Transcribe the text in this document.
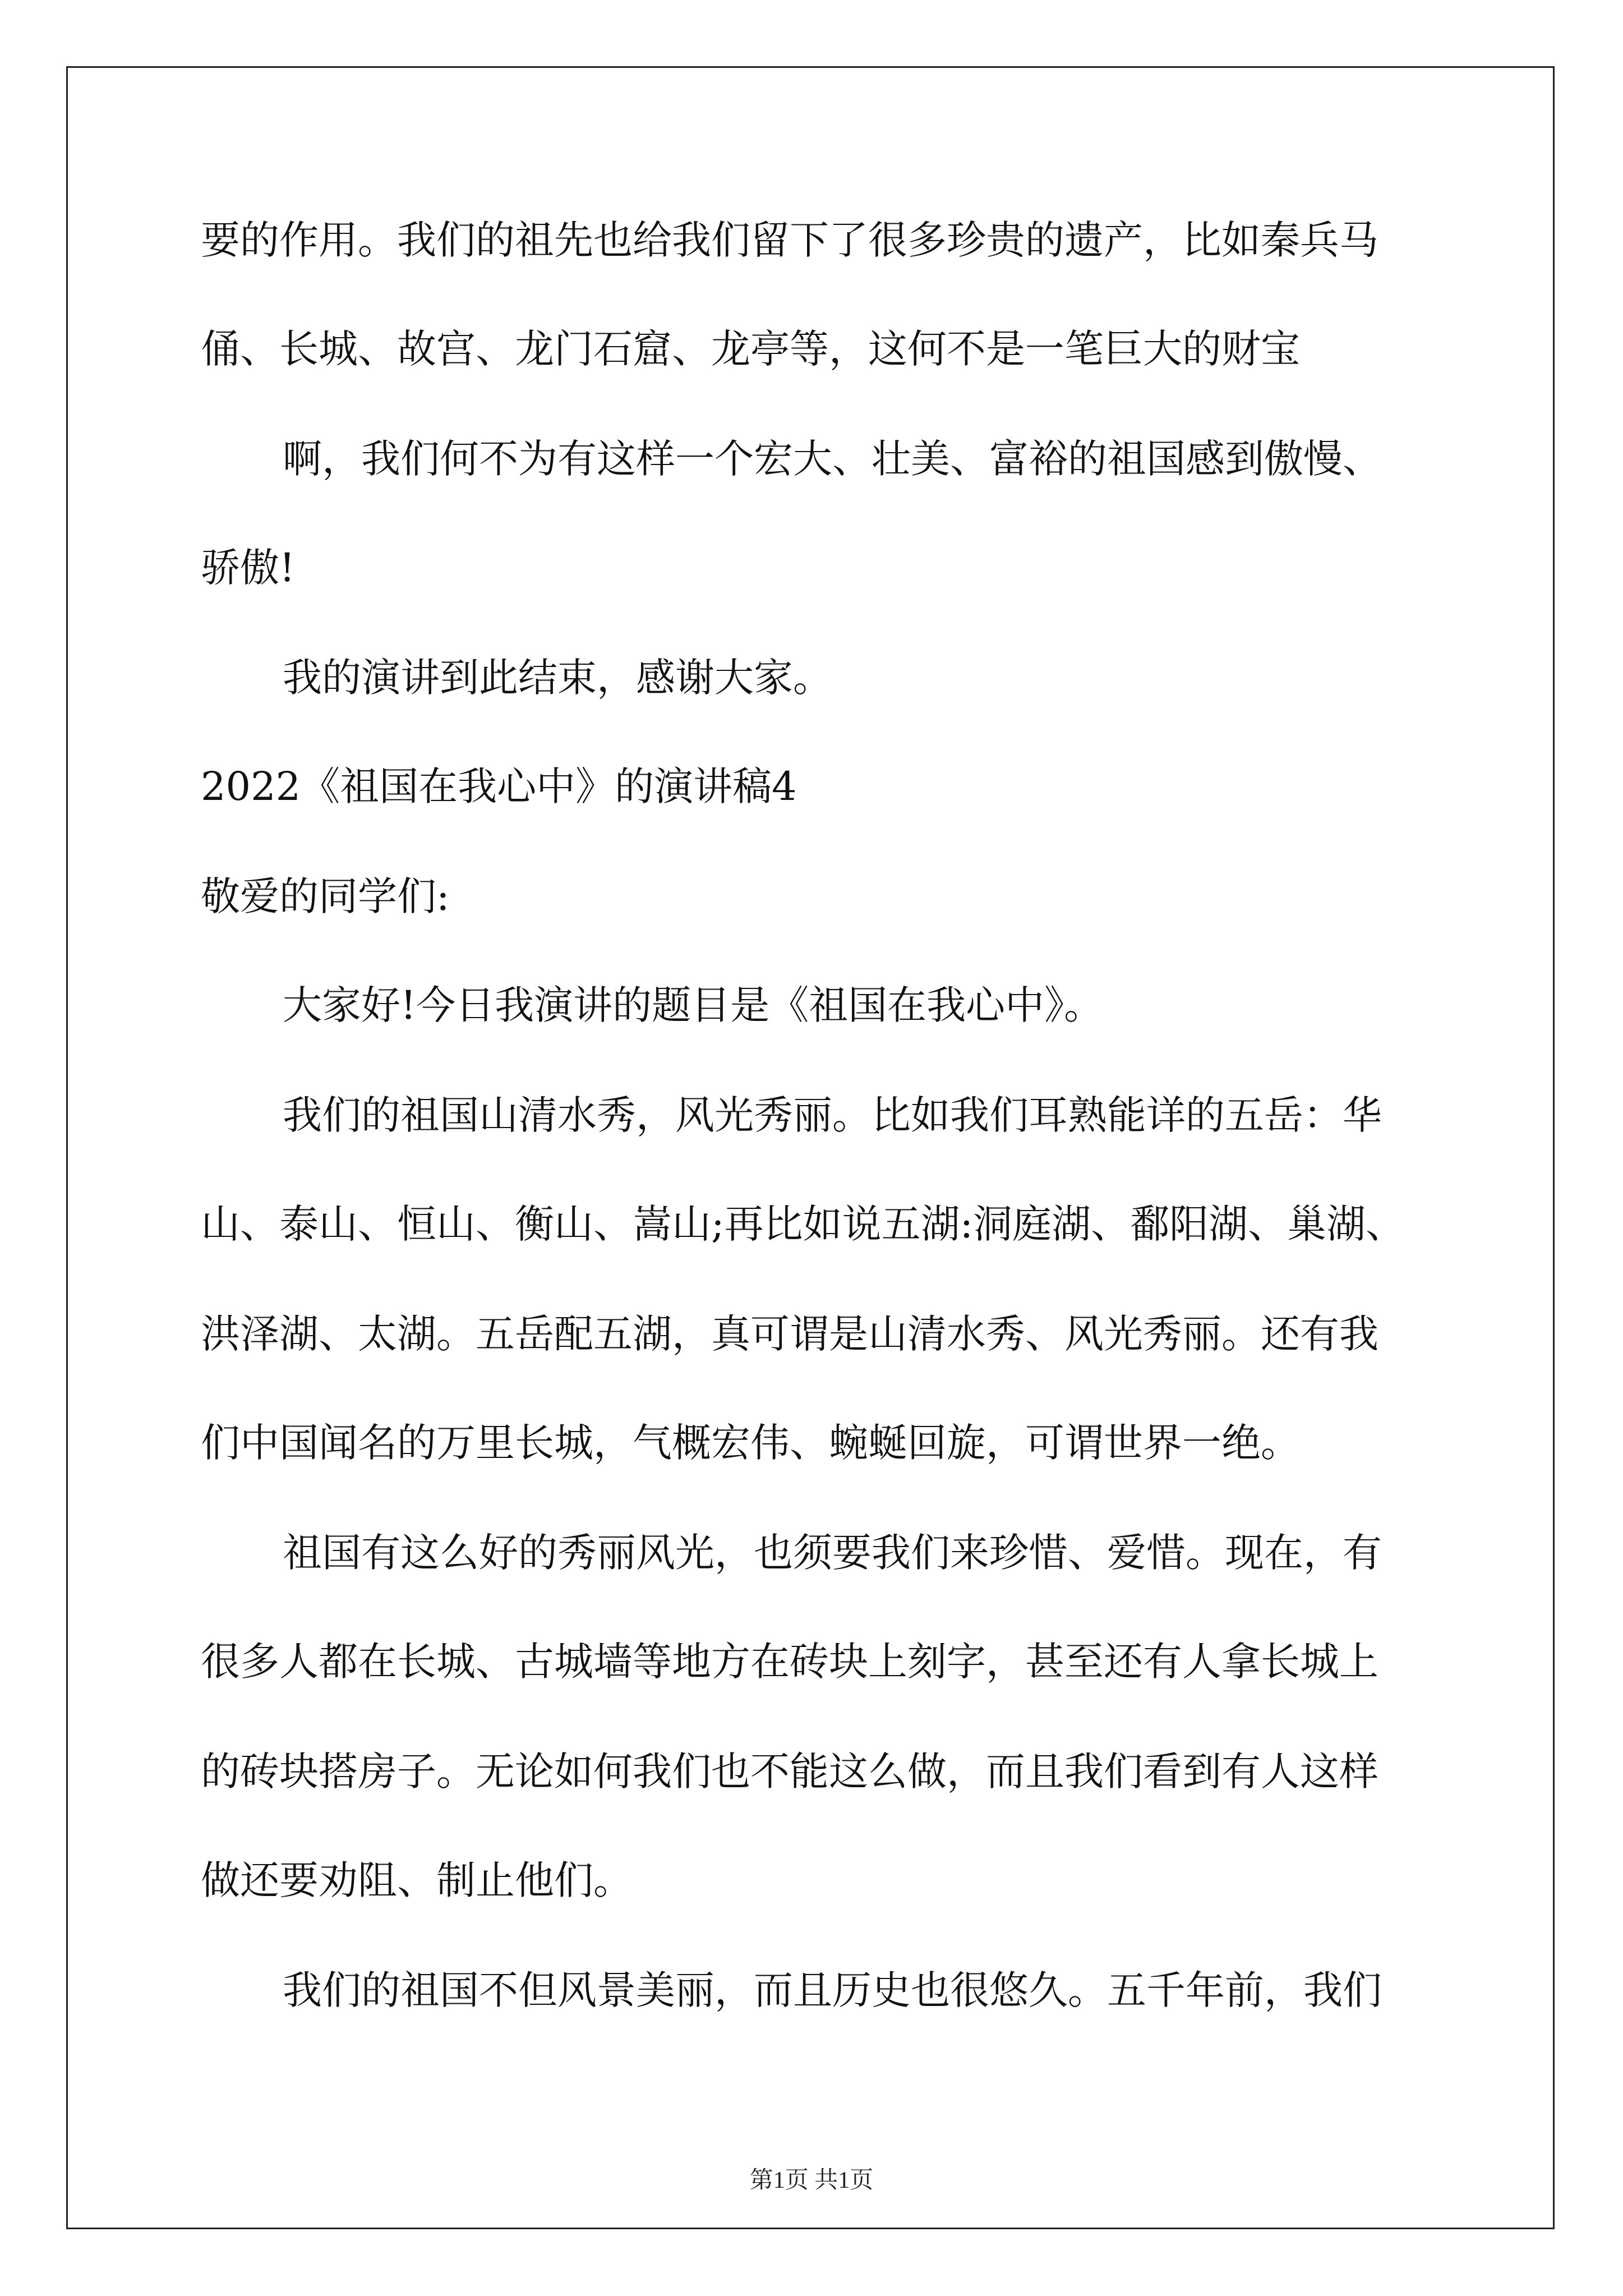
要的作用。我们的祖先也给我们留下了很多珍贵的遗产，比如秦兵马
俑、长城、故宫、龙门石窟、龙亭等，这何不是一笔巨大的财宝
啊，我们何不为有这样一个宏大、壮美、富裕的祖国感到傲慢、
骄傲!
我的演讲到此结束，感谢大家。
2022《祖国在我心中》的演讲稿4
敬爱的同学们:
大家好!今日我演讲的题目是《祖国在我心中》。
我们的祖国山清水秀，风光秀丽。比如我们耳熟能详的五岳：华
山、泰山、恒山、衡山、嵩山;再比如说五湖:洞庭湖、鄱阳湖、巢湖、
洪泽湖、太湖。五岳配五湖，真可谓是山清水秀、风光秀丽。还有我
们中国闻名的万里长城，气概宏伟、蜿蜒回旋，可谓世界一绝。
祖国有这么好的秀丽风光，也须要我们来珍惜、爱惜。现在，有
很多人都在长城、古城墙等地方在砖块上刻字，甚至还有人拿长城上
的砖块搭房子。无论如何我们也不能这么做，而且我们看到有人这样
做还要劝阻、制止他们。
我们的祖国不但风景美丽，而且历史也很悠久。五千年前，我们
第1页 共1页
